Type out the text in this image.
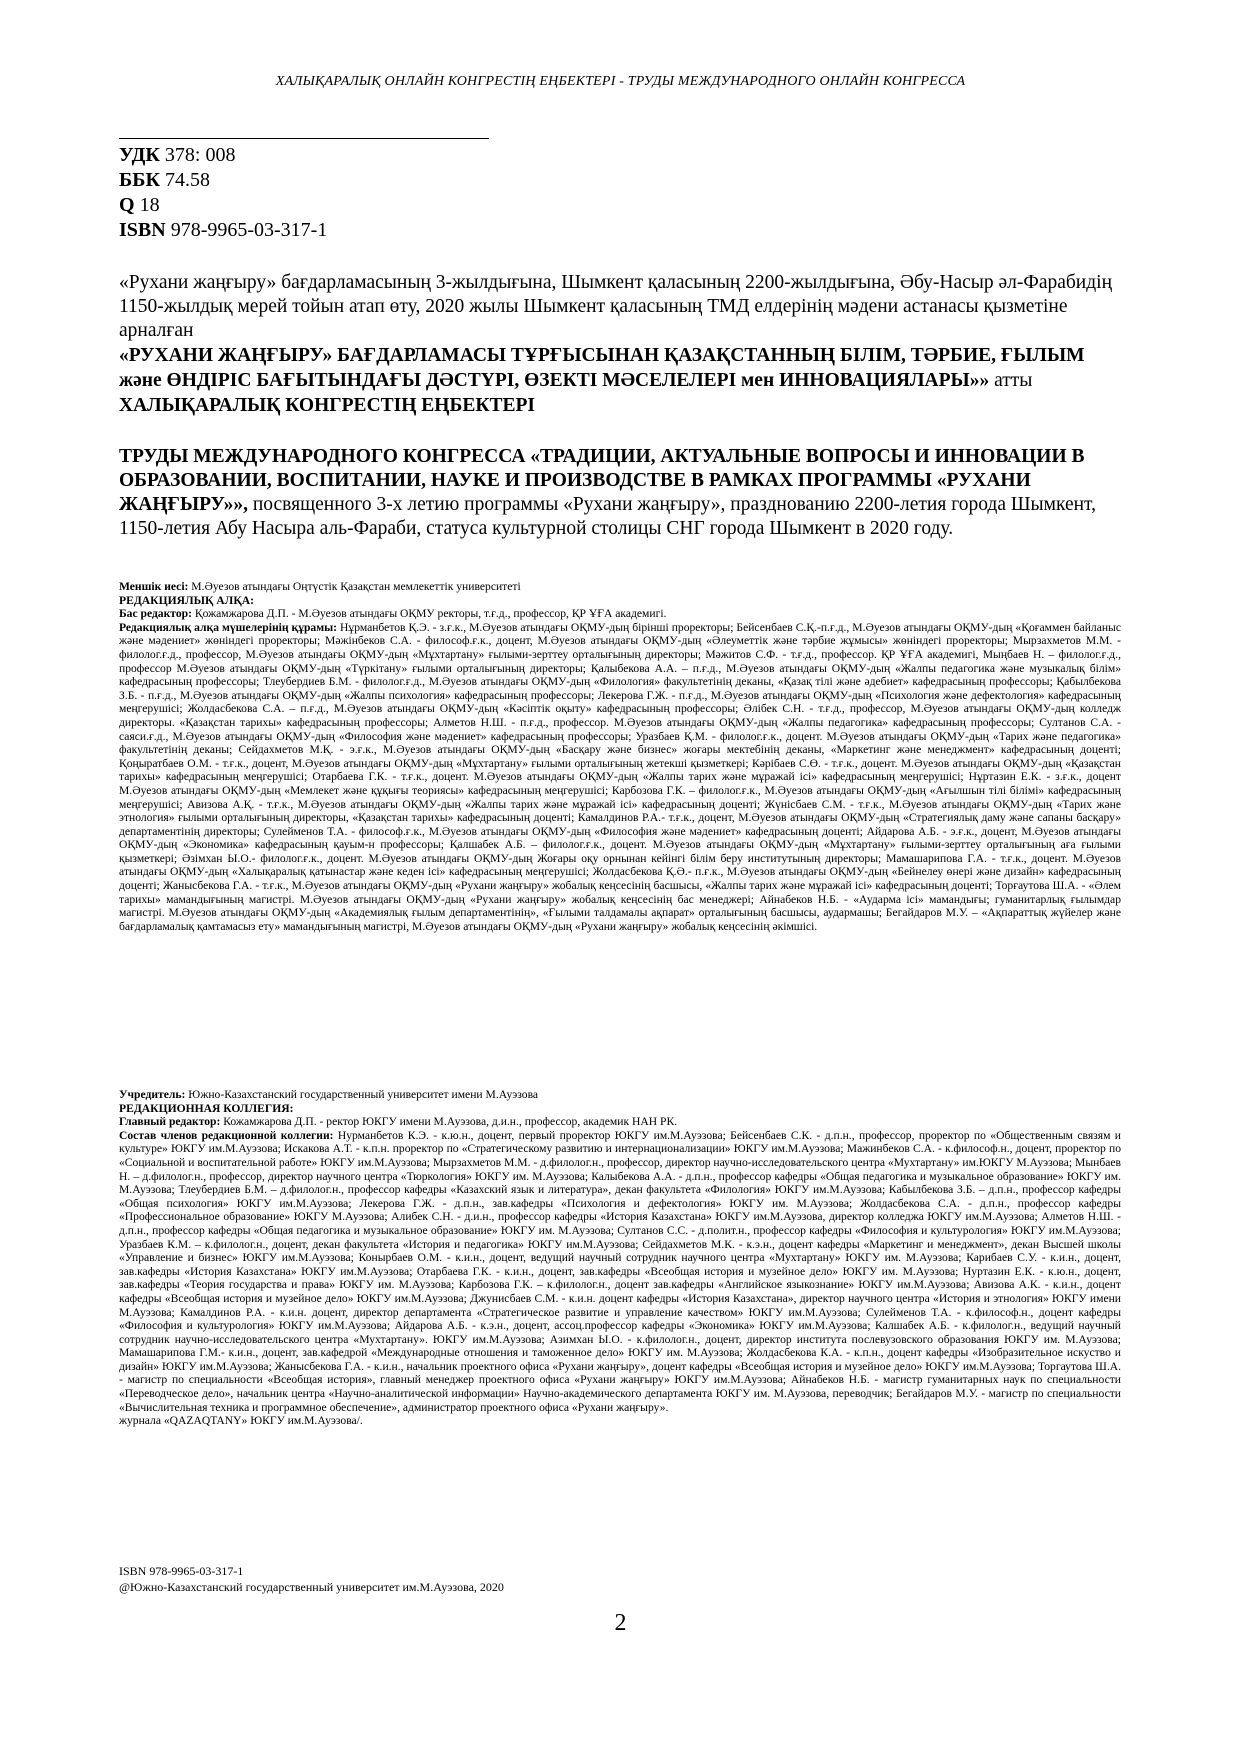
ХАЛЫҚАРАЛЫҚ ОНЛАЙН КОНГРЕСТІҢ ЕҢБЕКТЕРІ - ТРУДЫ МЕЖДУНАРОДНОГО ОНЛАЙН КОНГРЕССА
УДК 378: 008
ББК 74.58
Q 18
ISBN 978-9965-03-317-1
«Рухани жаңғыру» бағдарламасының 3-жылдығына, Шымкент қаласының 2200-жылдығына, Әбу-Насыр әл-Фарабидің 1150-жылдық мерей тойын атап өту, 2020 жылы Шымкент қаласының ТМД елдерінің мәдени астанасы қызметіне арналған
«РУХАНИ ЖАҢҒЫРУ» БАҒДАРЛАМАСЫ ТҰРҒЫСЫНАН ҚАЗАҚСТАННЫҢ БІЛІМ, ТӘРБИЕ, ҒЫЛЫМ және ӨНДІРІС БАҒЫТЫНДАҒЫ ДӘСТҮРІ, ӨЗЕКТІ МӘСЕЛЕЛЕРІ мен ИННОВАЦИЯЛАРЫ»» атты ХАЛЫҚАРАЛЫҚ КОНГРЕСТІҢ ЕҢБЕКТЕРІ
ТРУДЫ МЕЖДУНАРОДНОГО КОНГРЕССА «ТРАДИЦИИ, АКТУАЛЬНЫЕ ВОПРОСЫ И ИННОВАЦИИ В ОБРАЗОВАНИИ, ВОСПИТАНИИ, НАУКЕ И ПРОИЗВОДСТВЕ В РАМКАХ ПРОГРАММЫ «РУХАНИ ЖАҢҒЫРУ»», посвященного 3-х летию программы «Рухани жаңғыру», празднованию 2200-летия города Шымкент, 1150-летия Абу Насыра аль-Фараби, статуса культурной столицы СНГ города Шымкент в 2020 году.

Меншік иесі: М.Әуезов атындағы Оңтүстік Қазақстан мемлекеттік университеті

РЕДАКЦИЯЛЫҚ АЛҚА:

Бас редактор: Қожамжарова Д.П. - М.Әуезов атындағы ОҚМУ ректоры, т.ғ.д., профессор, ҚР ҰҒА академигі.

Редакциялық алқа мүшелерінің құрамы: Нұрманбетов Қ.Э. - з.ғ.к., М.Әуезов атындағы ОҚМУ-дың бірінші проректоры; Бейсенбаев С.Қ.-п.ғ.д., М.Әуезов атындағы ОҚМУ-дың «Қоғаммен байланыс және мәдениет» жөніндегі проректоры; Мәжінбеков С.А. - философ.ғ.к., доцент, М.Әуезов атындағы ОҚМУ-дың «Әлеуметтік және тәрбие жұмысы» жөніндегі проректоры; Мырзахметов М.М. - филолог.ғ.д., профессор, М.Әуезов атындағы ОҚМУ-дың «Мұхтартану» ғылыми-зерттеу орталығының директоры; Мәжитов С.Ф. - т.ғ.д., профессор. ҚР ҰҒА академигі, Мыңбаев Н. – филолог.ғ.д., профессор М.Әуезов атындағы ОҚМУ-дың «Түркітану» ғылыми орталығының директоры; Қалыбекова А.А. – п.ғ.д., М.Әуезов атындағы ОҚМУ-дың «Жалпы педагогика және музыкалық білім» кафедрасының профессоры; Тлеубердиев Б.М. - филолог.ғ.д., М.Әуезов атындағы ОҚМУ-дың «Филология» факультетінің деканы, «Қазақ тілі және әдебиет» кафедрасының профессоры; Қабылбекова З.Б. - п.ғ.д., М.Әуезов атындағы ОҚМУ-дың «Жалпы психология» кафедрасының профессоры; Лекерова Г.Ж. - п.ғ.д., М.Әуезов атындағы ОҚМУ-дың «Психология және дефектология» кафедрасының меңгерушісі; Жолдасбекова С.А. – п.ғ.д., М.Әуезов атындағы ОҚМУ-дың «Кәсіптік оқыту» кафедрасының профессоры; Әлібек С.Н. - т.ғ.д., профессор, М.Әуезов атындағы ОҚМУ-дың колледж директоры. «Қазақстан тарихы» кафедрасының профессоры; Алметов Н.Ш. - п.ғ.д., профессор. М.Әуезов атындағы ОҚМУ-дың «Жалпы педагогика» кафедрасының профессоры; Султанов С.А. - саяси.ғ.д., М.Әуезов атындағы ОҚМУ-дың «Философия және мәдениет» кафедрасының профессоры; Уразбаев Қ.М. - филолог.ғ.к., доцент. М.Әуезов атындағы ОҚМУ-дың «Тарих және педагогика» факультетінің деканы; Сейдахметов М.Қ. - э.ғ.к., М.Әуезов атындағы ОҚМУ-дың «Басқару және бизнес» жоғары мектебінің деканы, «Маркетинг және менеджмент» кафедрасының доценті; Қоңыратбаев О.М. - т.ғ.к., доцент, М.Әуезов атындағы ОҚМУ-дың «Мұхтартану» ғылыми орталығының жетекші қызметкері; Кәрібаев С.Ө. - т.ғ.к., доцент. М.Әуезов атындағы ОҚМУ-дың «Қазақстан тарихы» кафедрасының меңгерушісі; Отарбаева Г.К. - т.ғ.к., доцент. М.Әуезов атындағы ОҚМУ-дың «Жалпы тарих және мұражай ісі» кафедрасының меңгерушісі; Нұртазин Е.К. - з.ғ.к., доцент М.Әуезов атындағы ОҚМУ-дың «Мемлекет және құқығы теориясы» кафедрасының меңгерушісі; Карбозова Г.К. – филолог.ғ.к., М.Әуезов атындағы ОҚМУ-дың «Ағылшын тілі білімі» кафедрасының меңгерушісі; Авизова А.Қ. - т.ғ.к., М.Әуезов атындағы ОҚМУ-дың «Жалпы тарих және мұражай ісі» кафедрасының доценті; Жүнісбаев С.М. - т.ғ.к., М.Әуезов атындағы ОҚМУ-дың «Тарих және этнология» ғылыми орталығының директоры, «Қазақстан тарихы» кафедрасының доценті; Камалдинов Р.А.- т.ғ.к., доцент, М.Әуезов атындағы ОҚМУ-дың «Стратегиялық даму және сапаны басқару» департаментінің директоры; Сулейменов Т.А. - философ.ғ.к., М.Әуезов атындағы ОҚМУ-дың «Философия және мәдениет» кафедрасының доценті; Айдарова А.Б. - э.ғ.к., доцент, М.Әуезов атындағы ОҚМУ-дың «Экономика» кафедрасының қауым-н профессоры; Қалшабек А.Б. – филолог.ғ.к., доцент. М.Әуезов атындағы ОҚМУ-дың «Мұхтартану» ғылыми-зерттеу орталығының аға ғылыми қызметкері; Әзімхан Ы.О.- филолог.ғ.к., доцент. М.Әуезов атындағы ОҚМУ-дың Жоғары оқу орнынан кейінгі білім беру институтының директоры; Мамашарипова Г.А. - т.ғ.к., доцент. М.Әуезов атындағы ОҚМУ-дың «Халықаралық қатынастар және кеден ісі» кафедрасының меңгерушісі; Жолдасбекова Қ.Ә.- п.ғ.к., М.Әуезов атындағы ОҚМУ-дың «Бейнелеу өнері және дизайн» кафедрасының доценті; Жанысбекова Г.А. - т.ғ.к., М.Әуезов атындағы ОҚМУ-дың «Рухани жаңғыру» жобалық кеңсесінің басшысы, «Жалпы тарих және мұражай ісі» кафедрасының доценті; Торғаутова Ш.А. - «Әлем тарихы» мамандығының магистрі. М.Әуезов атындағы ОҚМУ-дың «Рухани жаңғыру» жобалық кеңсесінің бас менеджері; Айнабеков Н.Б. - «Аударма ісі» мамандығы; гуманитарлық ғылымдар магистрі. М.Әуезов атындағы ОҚМУ-дың «Академиялық ғылым департаментінің», «Ғылыми талдамалы ақпарат» орталығының басшысы, аудармашы; Бегайдаров М.У. – «Ақпараттық жүйелер және бағдарламалық қамтамасыз ету» мамандығының магистрі, М.Әуезов атындағы ОҚМУ-дың «Рухани жаңғыру» жобалық кеңсесінің әкімшісі.

Учредитель: Южно-Казахстанский государственный университет имени М.Ауэзова

РЕДАКЦИОННАЯ КОЛЛЕГИЯ:

Главный редактор: Кожамжарова Д.П. - ректор ЮКГУ имени М.Ауэзова, д.и.н., профессор, академик НАН РК.

Состав членов редакционной коллегии: Нурманбетов К.Э. - к.ю.н., доцент, первый проректор ЮКГУ им.М.Ауэзова; Бейсенбаев С.К. - д.п.н., профессор, проректор по «Общественным связям и культуре» ЮКГУ им.М.Ауэзова; Искакова А.Т. - к.п.н. проректор по «Стратегическому развитию и интернационализации» ЮКГУ им.М.Ауэзова; Мажинбеков С.А. - к.философ.н., доцент, проректор по «Социальной и воспитательной работе» ЮКГУ им.М.Ауэзова; Мырзахметов М.М. - д.филолог.н., профессор, директор научно-исследовательского центра «Мухтартану» им.ЮКГУ М.Ауэзова; Мынбаев Н. – д.филолог.н., профессор, директор научного центра «Тюркология» ЮКГУ им. М.Ауэзова; Калыбекова А.А. - д.п.н., профессор кафедры «Общая педагогика и музыкальное образование» ЮКГУ им. М.Ауэзова; Тлеубердиев Б.М. – д.филолог.н., профессор кафедры «Казахский язык и литература», декан факультета «Филология» ЮКГУ им.М.Ауэзова; Кабылбекова З.Б. – д.п.н., профессор кафедры «Общая психология» ЮКГУ им.М.Ауэзова; Лекерова Г.Ж. - д.п.н., зав.кафедры «Психология и дефектология» ЮКГУ им. М.Ауэзова; Жолдасбекова С.А. - д.п.н., профессор кафедры «Профессиональное образование» ЮКГУ М.Ауэзова; Алибек С.Н. - д.и.н., профессор кафедры «История Казахстана» ЮКГУ им.М.Ауэзова, директор колледжа ЮКГУ им.М.Ауэзова; Алметов Н.Ш. - д.п.н., профессор кафедры «Общая педагогика и музыкальное образование» ЮКГУ им. М.Ауэзова; Султанов С.С. - д.полит.н., профессор кафедры «Философия и культурология» ЮКГУ им.М.Ауэзова; Уразбаев К.М. – к.филолог.н., доцент, декан факультета «История и педагогика» ЮКГУ им.М.Ауэзова; Сейдахметов М.К. - к.э.н., доцент кафедры «Маркетинг и менеджмент», декан Высшей школы «Управление и бизнес» ЮКГУ им.М.Ауэзова; Конырбаев О.М. - к.и.н., доцент, ведущий научный сотрудник научного центра «Мухтартану» ЮКГУ им. М.Ауэзова; Карибаев С.У. - к.и.н., доцент, зав.кафедры «История Казахстана» ЮКГУ им.М.Ауэзова; Отарбаева Г.К. - к.и.н., доцент, зав.кафедры «Всеобщая история и музейное дело» ЮКГУ им. М.Ауэзова; Нуртазин Е.К. - к.ю.н., доцент, зав.кафедры «Теория государства и права» ЮКГУ им. М.Ауэзова; Карбозова Г.К. – к.филолог.н., доцент зав.кафедры «Английское языкознание» ЮКГУ им.М.Ауэзова; Авизова А.К. - к.и.н., доцент кафедры «Всеобщая история и музейное дело» ЮКГУ им.М.Ауэзова; Джунисбаев С.М. - к.и.н. доцент кафедры «История Казахстана», директор научного центра «История и этнология» ЮКГУ имени М.Ауэзова; Камалдинов Р.А. - к.и.н. доцент, директор департамента «Стратегическое развитие и управление качеством» ЮКГУ им.М.Ауэзова; Сулейменов Т.А. - к.философ.н., доцент кафедры «Философия и культурология» ЮКГУ им.М.Ауэзова; Айдарова А.Б. - к.э.н., доцент, ассоц.профессор кафедры «Экономика» ЮКГУ им.М.Ауэзова; Калшабек А.Б. - к.филолог.н., ведущий научный сотрудник научно-исследовательского центра «Мухтартану». ЮКГУ им.М.Ауэзова; Азимхан Ы.О. - к.филолог.н., доцент, директор института послевузовского образования ЮКГУ им. М.Ауэзова; Мамашарипова Г.М.- к.и.н., доцент, зав.кафедрой «Международные отношения и таможенное дело» ЮКГУ им. М.Ауэзова; Жолдасбекова К.А. - к.п.н., доцент кафедры «Изобразительное искуство и дизайн» ЮКГУ им.М.Ауэзова; Жанысбекова Г.А. - к.и.н., начальник проектного офиса «Рухани жаңғыру», доцент кафедры «Всеобщая история и музейное дело» ЮКГУ им.М.Ауэзова; Торгаутова Ш.А. - магистр по специальности «Всеобщая история», главный менеджер проектного офиса «Рухани жаңғыру» ЮКГУ им.М.Ауэзова; Айнабеков Н.Б. - магистр гуманитарных наук по специальности «Переводческое дело», начальник центра «Научно-аналитической информации» Научно-академического департамента ЮКГУ им. М.Ауэзова, переводчик; Бегайдаров М.У. - магистр по специальности «Вычислительная техника и программное обеспечение», администратор проектного офиса «Рухани жаңғыру».

журнала «QAZAQTANY» ЮКГУ им.М.Ауэзова/.

ISBN 978-9965-03-317-1
@Южно-Казахстанский государственный университет им.М.Ауэзова, 2020
2
